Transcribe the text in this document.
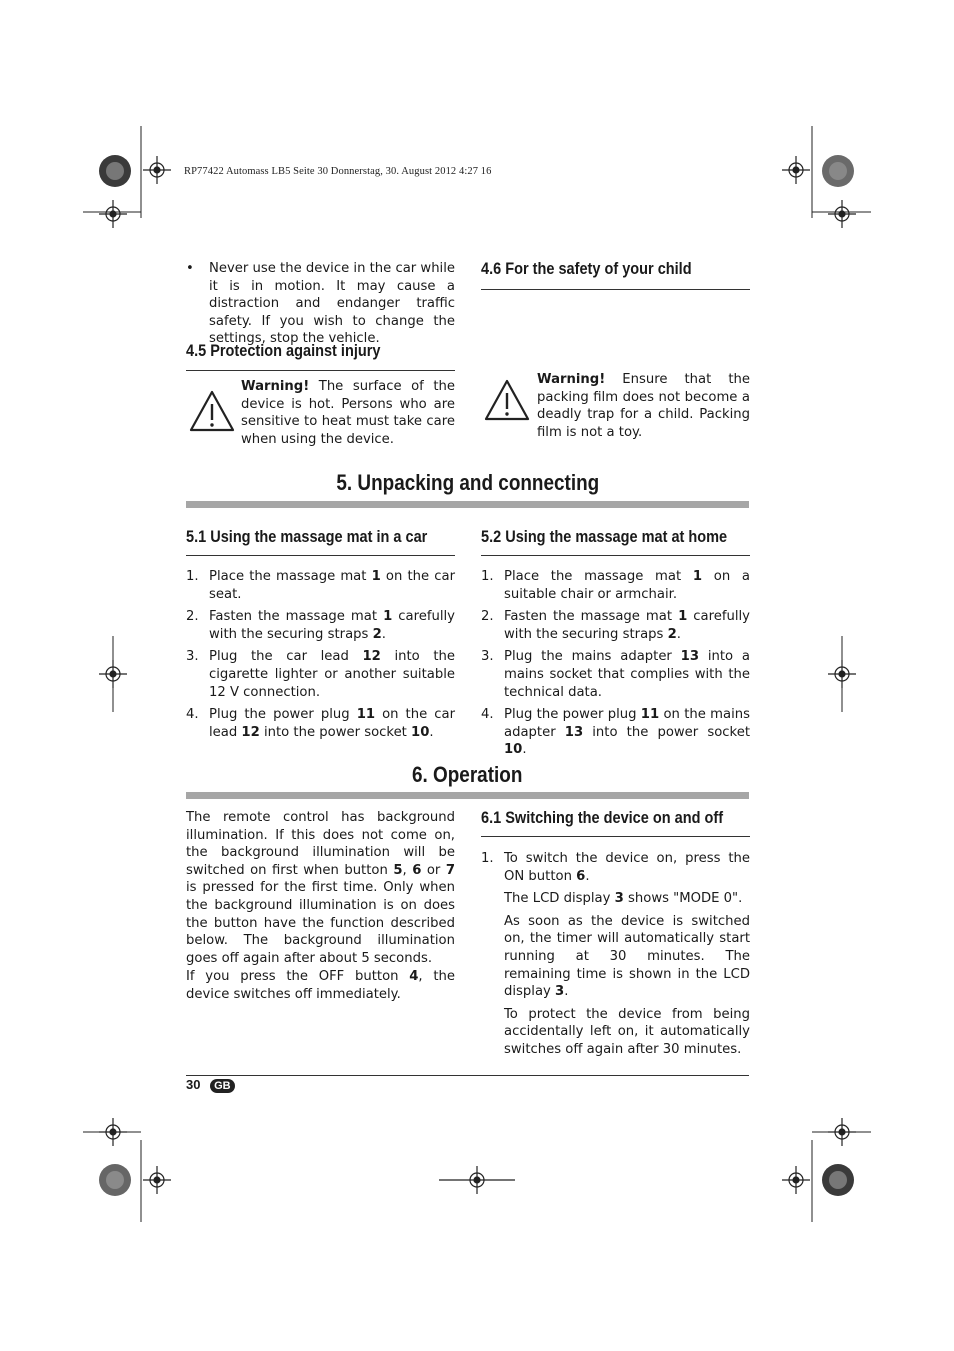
RP77422 Automass LB5 Seite 30 Donnerstag, 30. August 2012 4:27 16
• Never use the device in the car while it is in motion. It may cause a distraction and endanger traffic safety. If you wish to change the settings, stop the vehicle.
4.5 Protection against injury
Warning! The surface of the device is hot. Persons who are sensitive to heat must take care when using the device.
4.6 For the safety of your child
Warning! Ensure that the packing film does not become a deadly trap for a child. Packing film is not a toy.
5. Unpacking and connecting
5.1 Using the massage mat in a car
1. Place the massage mat 1 on the car seat.
2. Fasten the massage mat 1 carefully with the securing straps 2.
3. Plug the car lead 12 into the cigarette lighter or another suitable 12 V connection.
4. Plug the power plug 11 on the car lead 12 into the power socket 10.
5.2 Using the massage mat at home
1. Place the massage mat 1 on a suitable chair or armchair.
2. Fasten the massage mat 1 carefully with the securing straps 2.
3. Plug the mains adapter 13 into a mains socket that complies with the technical data.
4. Plug the power plug 11 on the mains adapter 13 into the power socket 10.
6. Operation
The remote control has background illumination. If this does not come on, the background illumination will be switched on first when button 5, 6 or 7 is pressed for the first time. Only when the background illumination is on does the button have the function described below. The background illumination goes off again after about 5 seconds.
If you press the OFF button 4, the device switches off immediately.
6.1 Switching the device on and off
1. To switch the device on, press the ON button 6.
The LCD display 3 shows "MODE 0".
As soon as the device is switched on, the timer will automatically start running at 30 minutes. The remaining time is shown in the LCD display 3.
To protect the device from being accidentally left on, it automatically switches off again after 30 minutes.
30 GB
